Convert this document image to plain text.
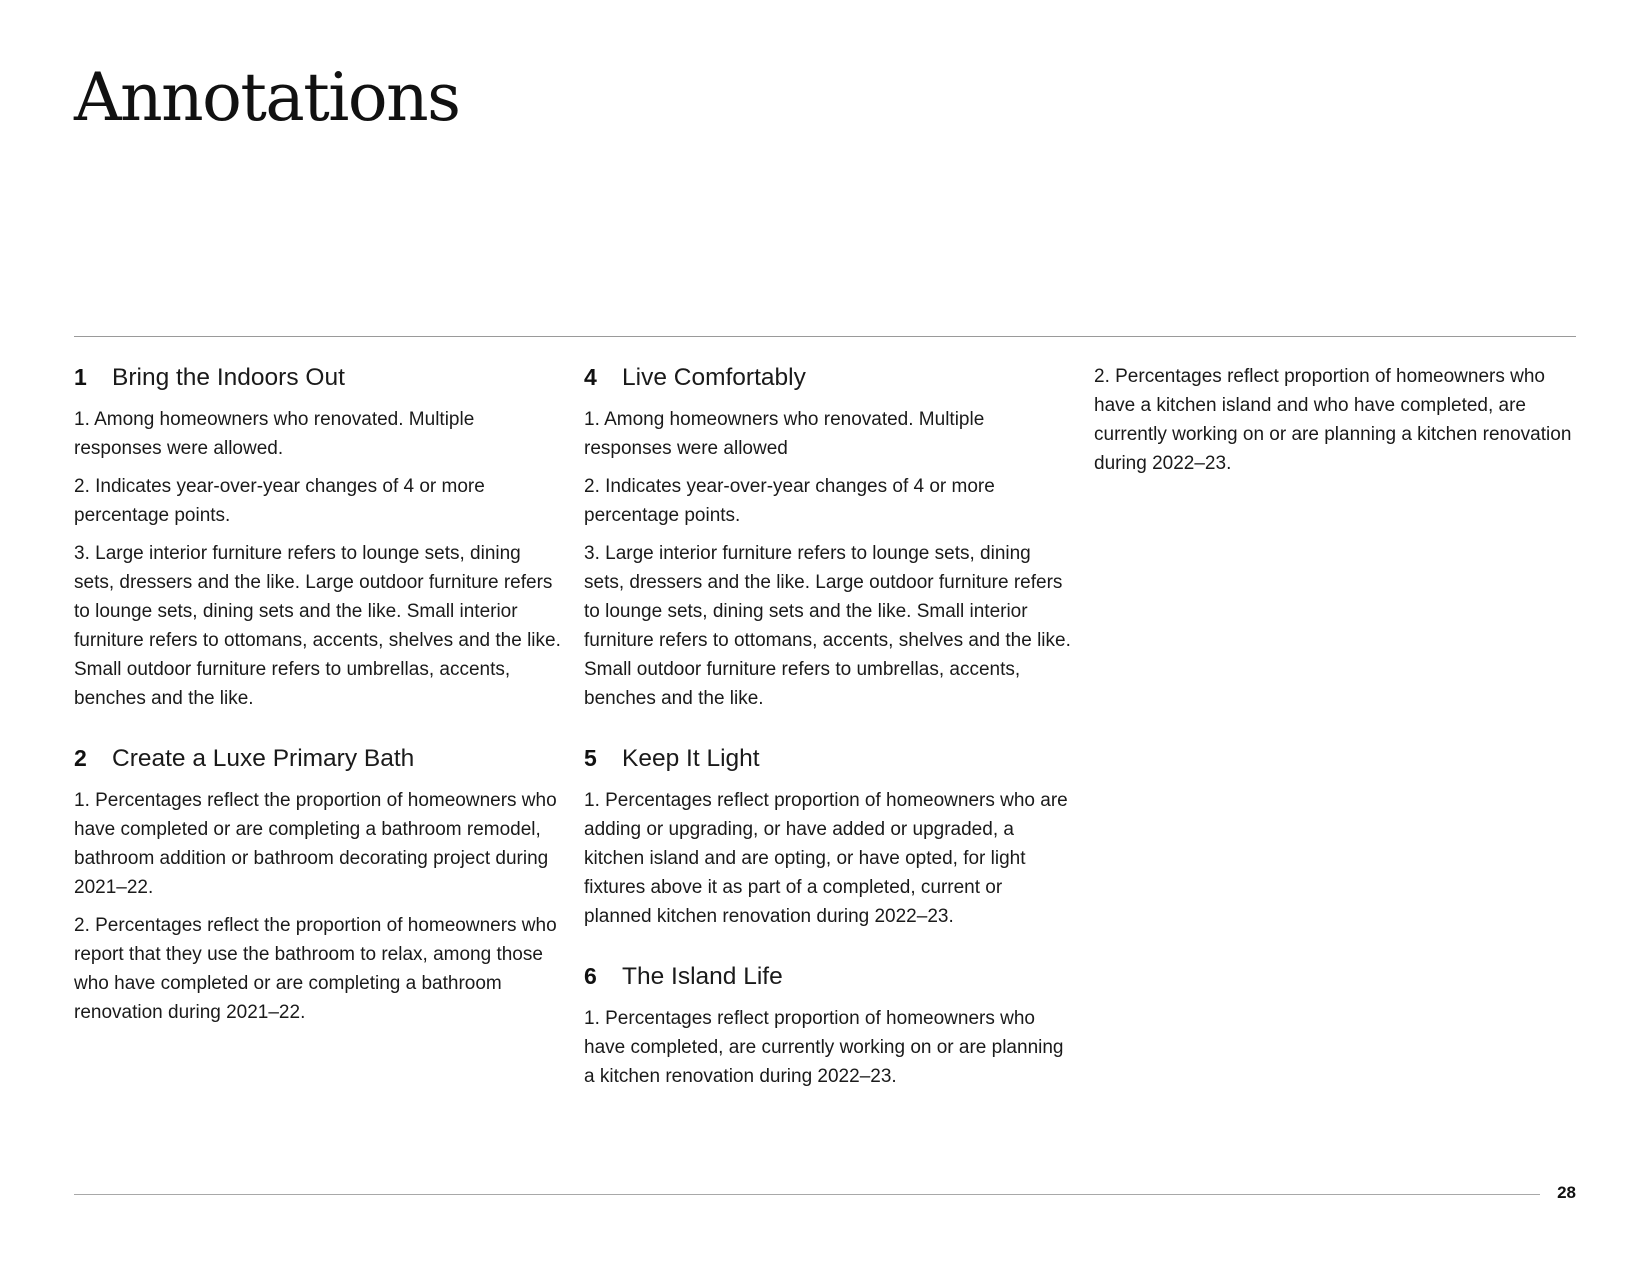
Annotations
1 Bring the Indoors Out

1. Among homeowners who renovated. Multiple responses were allowed.

2. Indicates year-over-year changes of 4 or more percentage points.

3. Large interior furniture refers to lounge sets, dining sets, dressers and the like. Large outdoor furniture refers to lounge sets, dining sets and the like. Small interior furniture refers to ottomans, accents, shelves and the like. Small outdoor furniture refers to umbrellas, accents, benches and the like.

2 Create a Luxe Primary Bath

1. Percentages reflect the proportion of homeowners who have completed or are completing a bathroom remodel, bathroom addition or bathroom decorating project during 2021–22.

2. Percentages reflect the proportion of homeowners who report that they use the bathroom to relax, among those who have completed or are completing a bathroom renovation during 2021–22.

4 Live Comfortably

1. Among homeowners who renovated. Multiple responses were allowed

2. Indicates year-over-year changes of 4 or more percentage points.

3. Large interior furniture refers to lounge sets, dining sets, dressers and the like. Large outdoor furniture refers to lounge sets, dining sets and the like. Small interior furniture refers to ottomans, accents, shelves and the like. Small outdoor furniture refers to umbrellas, accents, benches and the like.

5 Keep It Light

1. Percentages reflect proportion of homeowners who are adding or upgrading, or have added or upgraded, a kitchen island and are opting, or have opted, for light fixtures above it as part of a completed, current or planned kitchen renovation during 2022–23.

6 The Island Life

1. Percentages reflect proportion of homeowners who have completed, are currently working on or are planning a kitchen renovation during 2022–23.

2. Percentages reflect proportion of homeowners who have a kitchen island and who have completed, are currently working on or are planning a kitchen renovation during 2022–23.

28
